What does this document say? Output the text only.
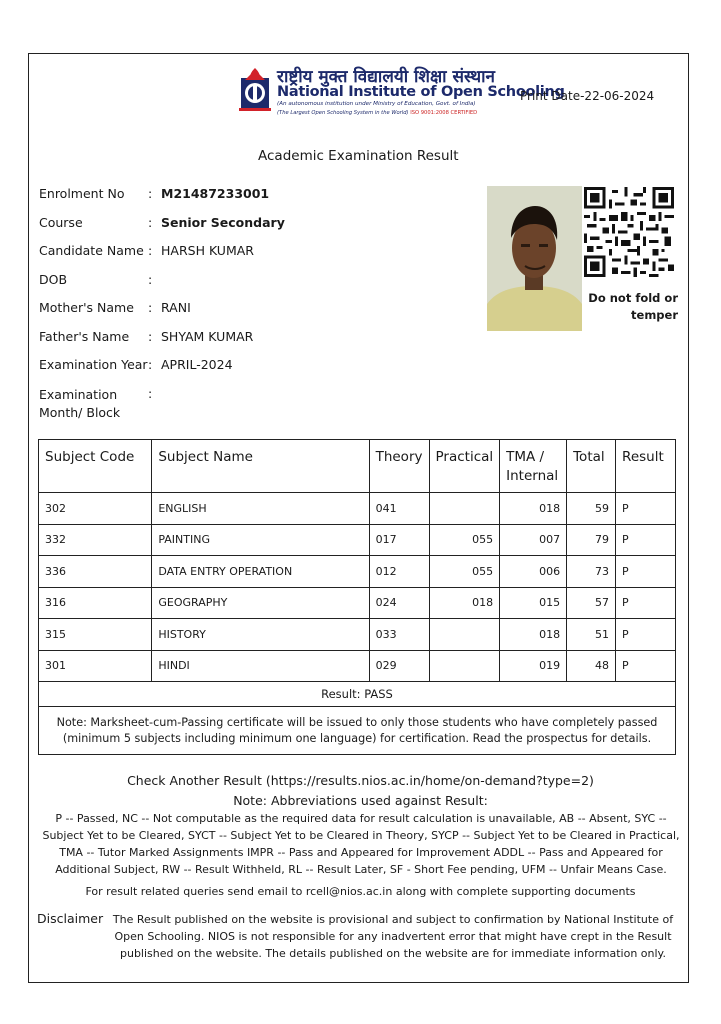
राष्ट्रीय मुक्त विद्यालयी शिक्षा संस्थान
National Institute of Open Schooling
(An autonomous institution under Ministry of Education, Govt. of India)
(The Largest Open Schooling System in the World) ISO 9001:2008 CERTIFIED
Print Date-22-06-2024
Academic Examination Result
Enrolment No : M21487233001
Course	: Senior Secondary
Candidate Name : HARSH KUMAR
DOB	:
Mother's Name : RANI
Father's Name : SHYAM KUMAR
Examination Year : APRIL-2024
Examination Month/ Block
:
Do not fold or temper
Subject Code	Subject Name	Theory	Practical	TMA / Internal	Total	Result
302	ENGLISH	041		018	59	P
332	PAINTING	017	055	007	79	P
336	DATA ENTRY OPERATION	012	055	006	73	P
316	GEOGRAPHY	024	018	015	57	P
315	HISTORY	033		018	51	P
301	HINDI	029		019	48	P
Result: PASS						
Note: Marksheet-cum-Passing certificate will be issued to only those students who have completely passed (minimum 5 subjects including minimum one language) for certification. Read the prospectus for details.						
Check Another Result (https://results.nios.ac.in/home/on-demand?type=2)
Note: Abbreviations used against Result:
P -- Passed, NC -- Not computable as the required data for result calculation is unavailable, AB -- Absent, SYC -- Subject Yet to be Cleared, SYCT -- Subject Yet to be Cleared in Theory, SYCP -- Subject Yet to be Cleared in Practical, TMA -- Tutor Marked Assignments IMPR -- Pass and Appeared for Improvement ADDL -- Pass and Appeared for Additional Subject, RW -- Result Withheld, RL -- Result Later, SF - Short Fee pending, UFM -- Unfair Means Case.
For result related queries send email to rcell@nios.ac.in along with complete supporting documents
Disclaimer The Result published on the website is provisional and subject to confirmation by National Institute of Open Schooling. NIOS is not responsible for any inadvertent error that might have crept in the Result published on the website. The details published on the website are for immediate information only.
